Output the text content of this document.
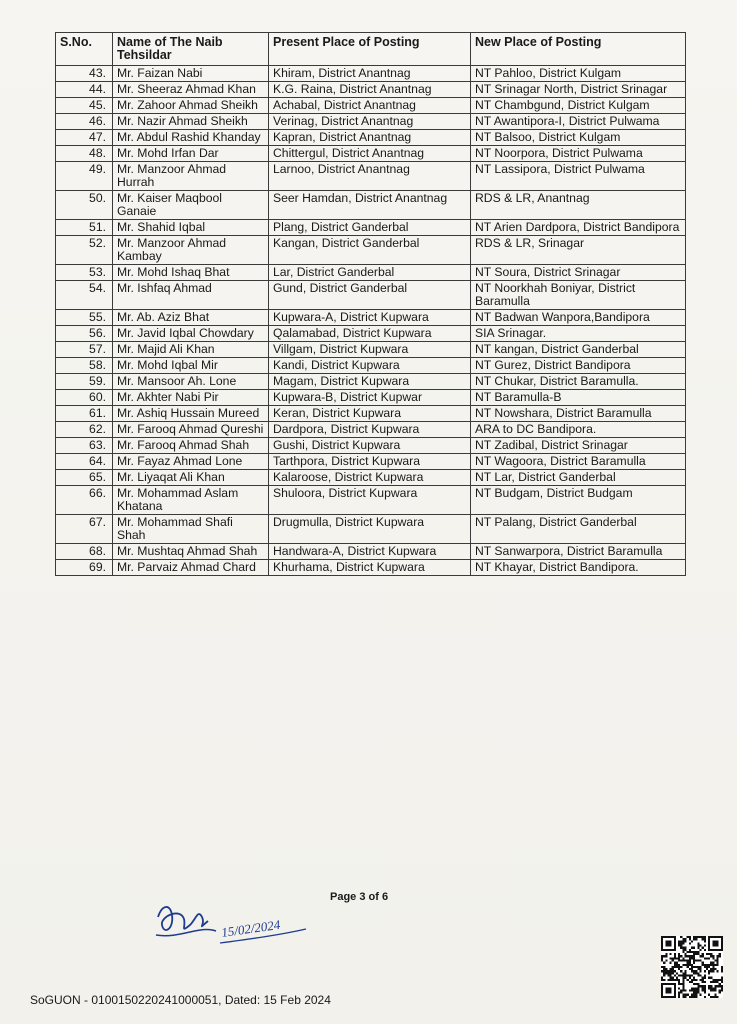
S.No.	Name of The Naib Tehsildar	Present Place of Posting	New Place of Posting
43.	Mr. Faizan Nabi	Khiram, District Anantnag	NT Pahloo, District Kulgam
44.	Mr. Sheeraz Ahmad Khan	K.G. Raina, District Anantnag	NT Srinagar North, District Srinagar
45.	Mr. Zahoor Ahmad Sheikh	Achabal, District Anantnag	NT Chambgund, District Kulgam
46.	Mr. Nazir Ahmad Sheikh	Verinag, District Anantnag	NT Awantipora-I, District Pulwama
47.	Mr. Abdul Rashid Khanday	Kapran, District Anantnag	NT Balsoo, District Kulgam
48.	Mr. Mohd Irfan Dar	Chittergul, District Anantnag	NT Noorpora, District Pulwama
49.	Mr. Manzoor Ahmad Hurrah	Larnoo, District Anantnag	NT Lassipora, District Pulwama
50.	Mr. Kaiser Maqbool Ganaie	Seer Hamdan, District Anantnag	RDS & LR, Anantnag
51.	Mr. Shahid Iqbal	Plang, District Ganderbal	NT Arien Dardpora, District Bandipora
52.	Mr. Manzoor Ahmad Kambay	Kangan, District Ganderbal	RDS & LR, Srinagar
53.	Mr. Mohd Ishaq Bhat	Lar, District Ganderbal	NT Soura, District Srinagar
54.	Mr. Ishfaq Ahmad	Gund, District Ganderbal	NT Noorkhah Boniyar, District Baramulla
55.	Mr. Ab. Aziz Bhat	Kupwara-A, District Kupwara	NT Badwan Wanpora,Bandipora
56.	Mr. Javid Iqbal Chowdary	Qalamabad, District Kupwara	SIA Srinagar.
57.	Mr. Majid Ali Khan	Villgam, District Kupwara	NT kangan, District Ganderbal
58.	Mr. Mohd Iqbal Mir	Kandi, District Kupwara	NT Gurez, District Bandipora
59.	Mr. Mansoor Ah. Lone	Magam, District Kupwara	NT Chukar, District Baramulla.
60.	Mr. Akhter Nabi Pir	Kupwara-B, District Kupwar	NT Baramulla-B
61.	Mr. Ashiq Hussain Mureed	Keran, District Kupwara	NT Nowshara, District Baramulla
62.	Mr. Farooq Ahmad Qureshi	Dardpora, District Kupwara	ARA to DC Bandipora.
63.	Mr. Farooq Ahmad Shah	Gushi, District Kupwara	NT Zadibal, District Srinagar
64.	Mr. Fayaz Ahmad Lone	Tarthpora, District Kupwara	NT Wagoora, District Baramulla
65.	Mr. Liyaqat Ali Khan	Kalaroose, District Kupwara	NT Lar, District Ganderbal
66.	Mr. Mohammad Aslam Khatana	Shuloora, District Kupwara	NT Budgam, District Budgam
67.	Mr. Mohammad Shafi Shah	Drugmulla, District Kupwara	NT Palang, District Ganderbal
68.	Mr. Mushtaq Ahmad Shah	Handwara-A, District Kupwara	NT Sanwarpora, District Baramulla
69.	Mr. Parvaiz Ahmad Chard	Khurhama, District Kupwara	NT Khayar, District Bandipora.
15/02/2024
Page 3 of 6
SoGUON - 0100150220241000051, Dated: 15 Feb 2024
